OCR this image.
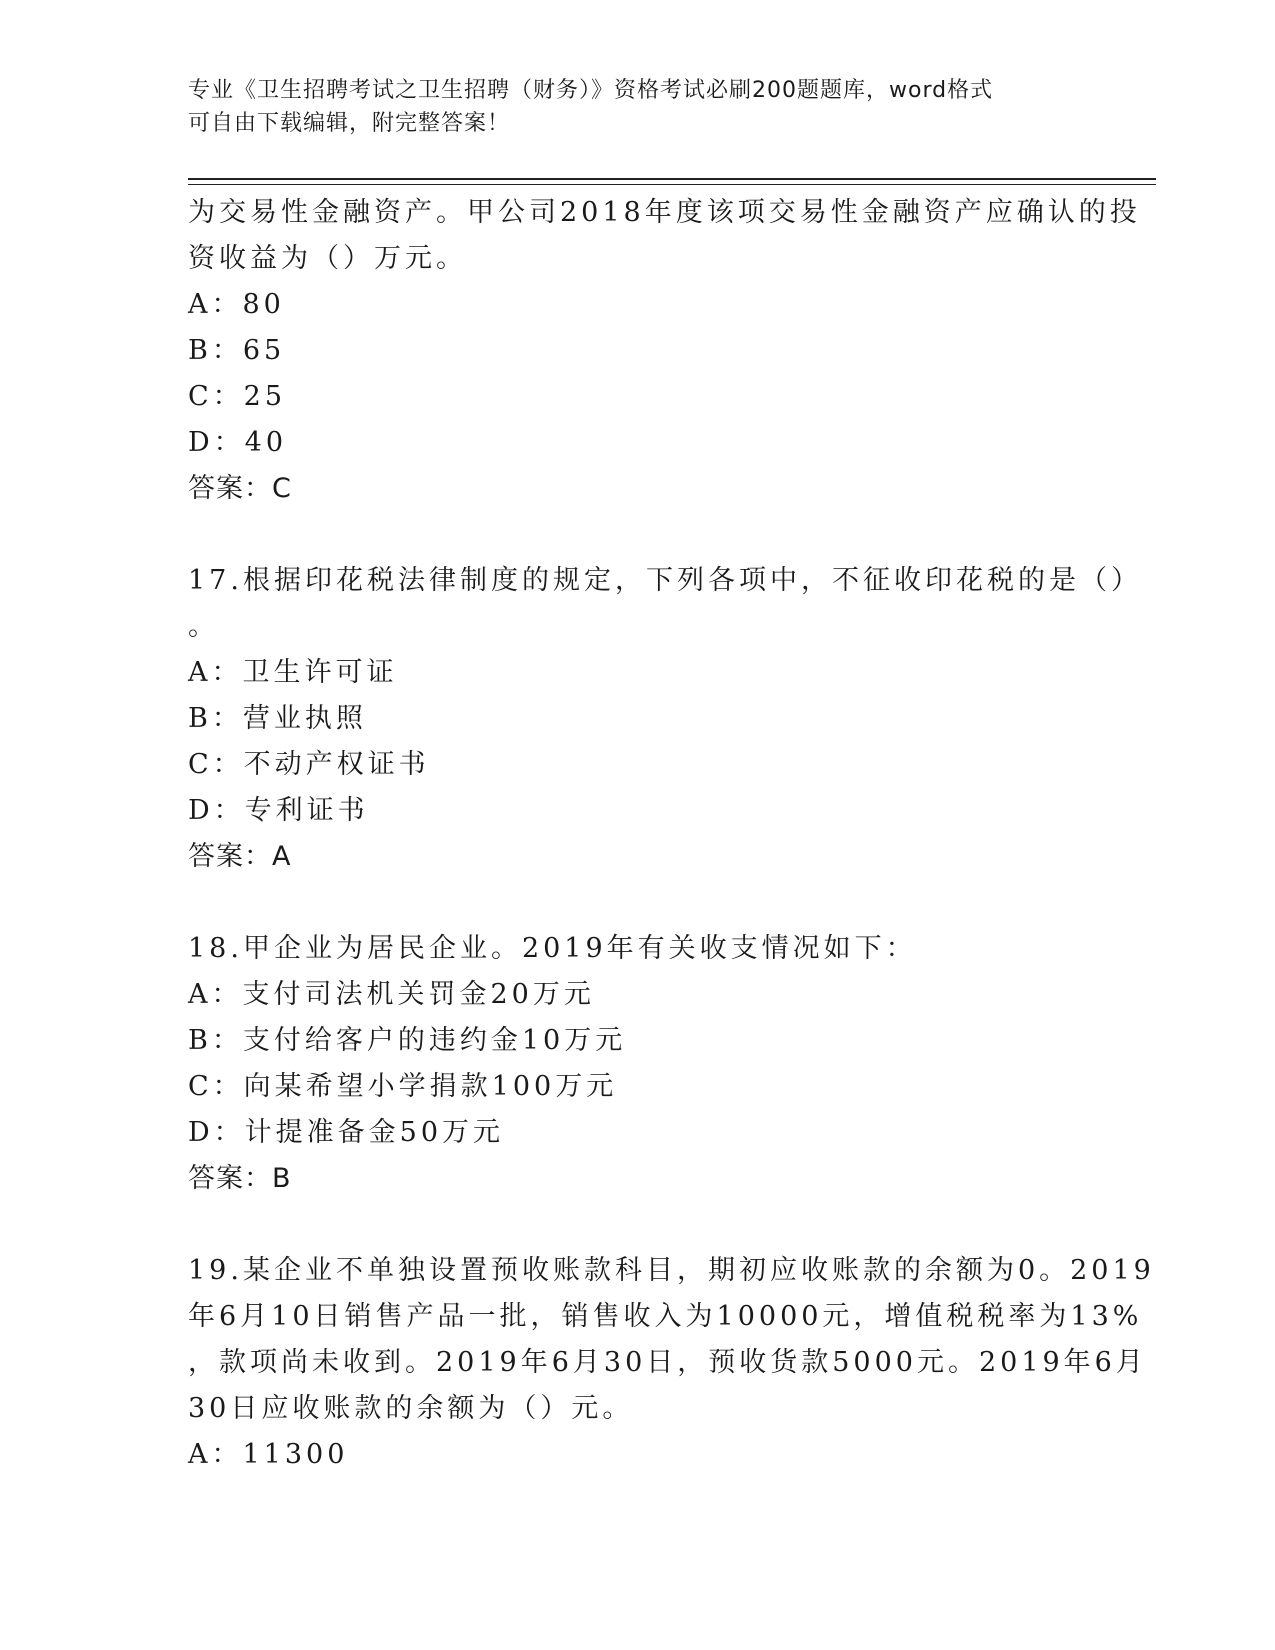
专业《卫生招聘考试之卫生招聘（财务）》资格考试必刷200题题库，word格式
可自由下载编辑，附完整答案！
为交易性金融资产。甲公司2018年度该项交易性金融资产应确认的投
资收益为（）万元。
A：80
B：65
C：25
D：40
答案：C
17.根据印花税法律制度的规定，下列各项中，不征收印花税的是（）
。
A：卫生许可证
B：营业执照
C：不动产权证书
D：专利证书
答案：A
18.甲企业为居民企业。2019年有关收支情况如下：
A：支付司法机关罚金20万元
B：支付给客户的违约金10万元
C：向某希望小学捐款100万元
D：计提准备金50万元
答案：B
19.某企业不单独设置预收账款科目，期初应收账款的余额为0。2019
年6月10日销售产品一批，销售收入为10000元，增值税税率为13%
，款项尚未收到。2019年6月30日，预收货款5000元。2019年6月
30日应收账款的余额为（）元。
A：11300
